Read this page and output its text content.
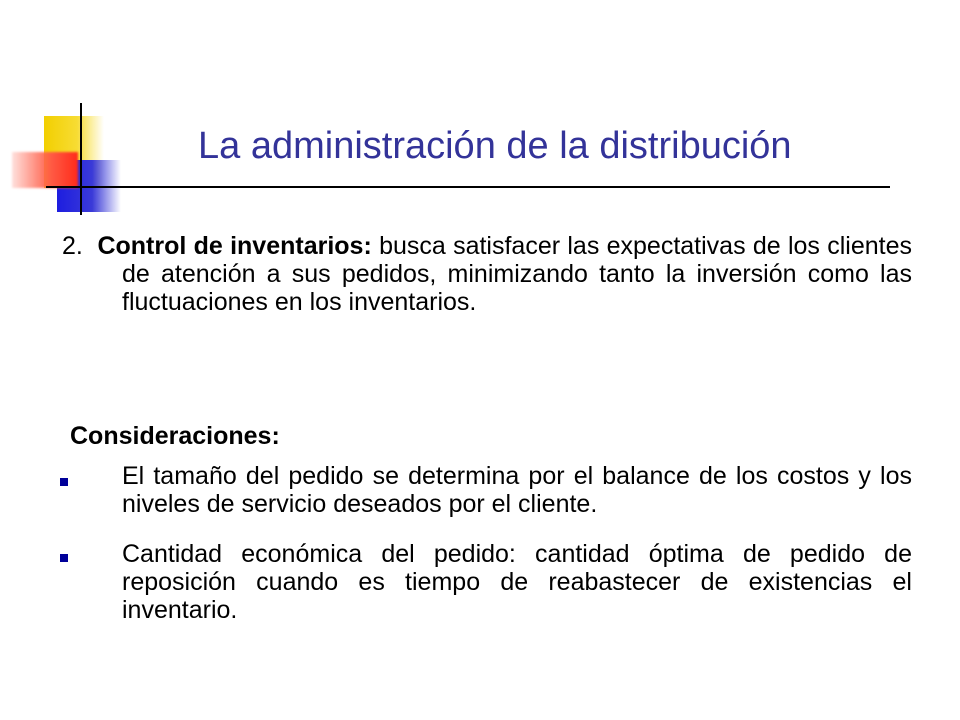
La administración de la distribución
2. Control de inventarios: busca satisfacer las expectativas de los clientes de atención a sus pedidos, minimizando tanto la inversión como las fluctuaciones en los inventarios.
Consideraciones:
El tamaño del pedido se determina por el balance de los costos y los niveles de servicio deseados por el cliente.
Cantidad económica del pedido: cantidad óptima de pedido de reposición cuando es tiempo de reabastecer de existencias el inventario.
